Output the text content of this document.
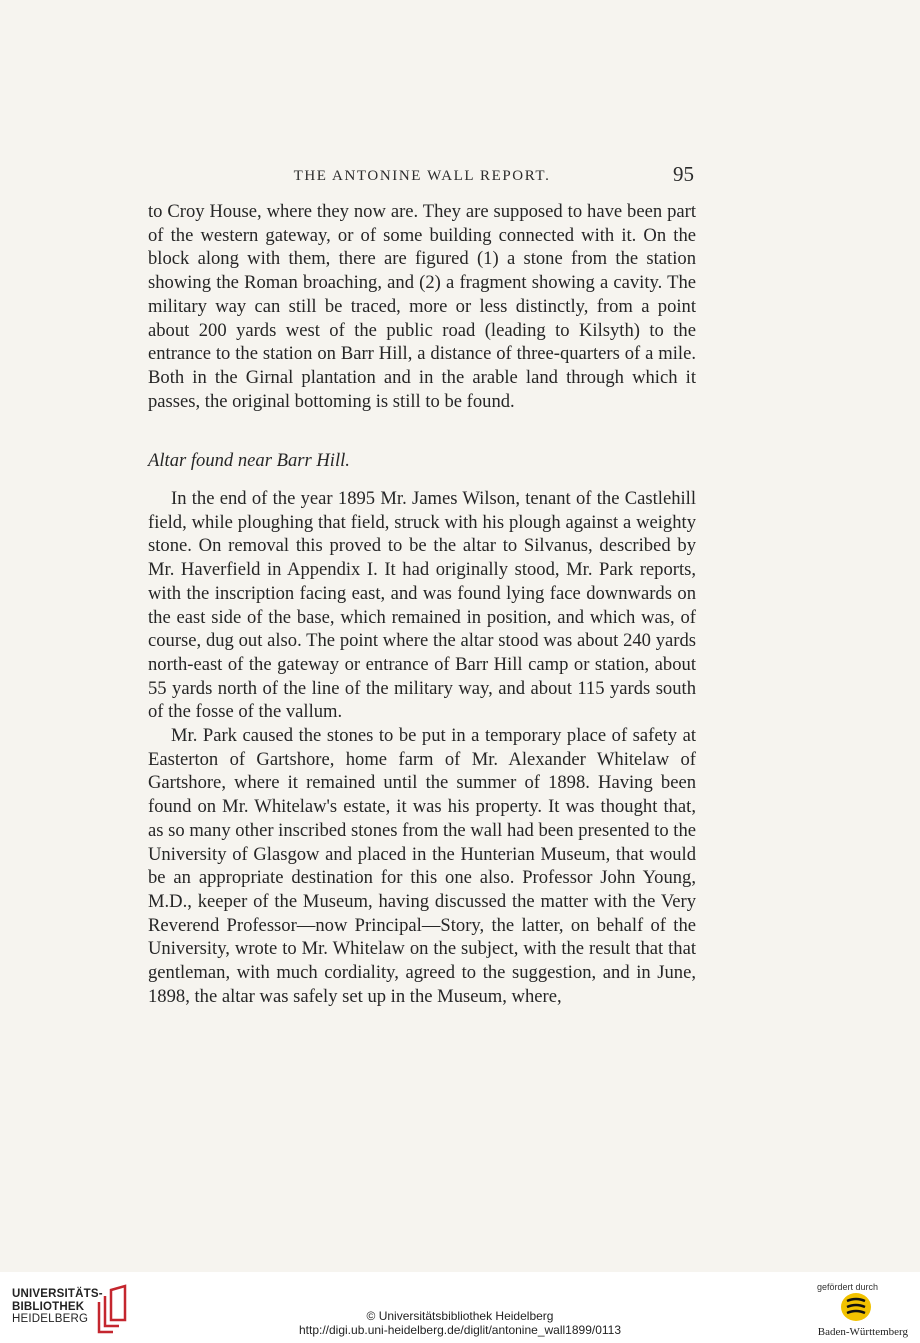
THE ANTONINE WALL REPORT.	95

to Croy House, where they now are. They are supposed to have been part of the western gateway, or of some building connected with it. On the block along with them, there are figured (1) a stone from the station showing the Roman broaching, and (2) a fragment showing a cavity. The military way can still be traced, more or less distinctly, from a point about 200 yards west of the public road (leading to Kilsyth) to the entrance to the station on Barr Hill, a distance of three-quarters of a mile. Both in the Girnal plantation and in the arable land through which it passes, the original bottoming is still to be found.

Altar found near Barr Hill.

In the end of the year 1895 Mr. James Wilson, tenant of the Castlehill field, while ploughing that field, struck with his plough against a weighty stone. On removal this proved to be the altar to Silvanus, described by Mr. Haverfield in Appendix I. It had originally stood, Mr. Park reports, with the inscription facing east, and was found lying face downwards on the east side of the base, which remained in position, and which was, of course, dug out also. The point where the altar stood was about 240 yards north-east of the gateway or entrance of Barr Hill camp or station, about 55 yards north of the line of the military way, and about 115 yards south of the fosse of the vallum.

Mr. Park caused the stones to be put in a temporary place of safety at Easterton of Gartshore, home farm of Mr. Alexander Whitelaw of Gartshore, where it remained until the summer of 1898. Having been found on Mr. Whitelaw's estate, it was his property. It was thought that, as so many other inscribed stones from the wall had been presented to the University of Glasgow and placed in the Hunterian Museum, that would be an appropriate destination for this one also. Professor John Young, M.D., keeper of the Museum, having discussed the matter with the Very Reverend Professor—now Principal—Story, the latter, on behalf of the University, wrote to Mr. Whitelaw on the subject, with the result that that gentleman, with much cordiality, agreed to the suggestion, and in June, 1898, the altar was safely set up in the Museum, where,

UNIVERSITÄTS-
BIBLIOTHEK
HEIDELBERG	© Universitätsbibliothek Heidelberg
http://digi.ub.uni-heidelberg.de/diglit/antonine_wall1899/0113
gefördert durch
Baden-Württemberg
